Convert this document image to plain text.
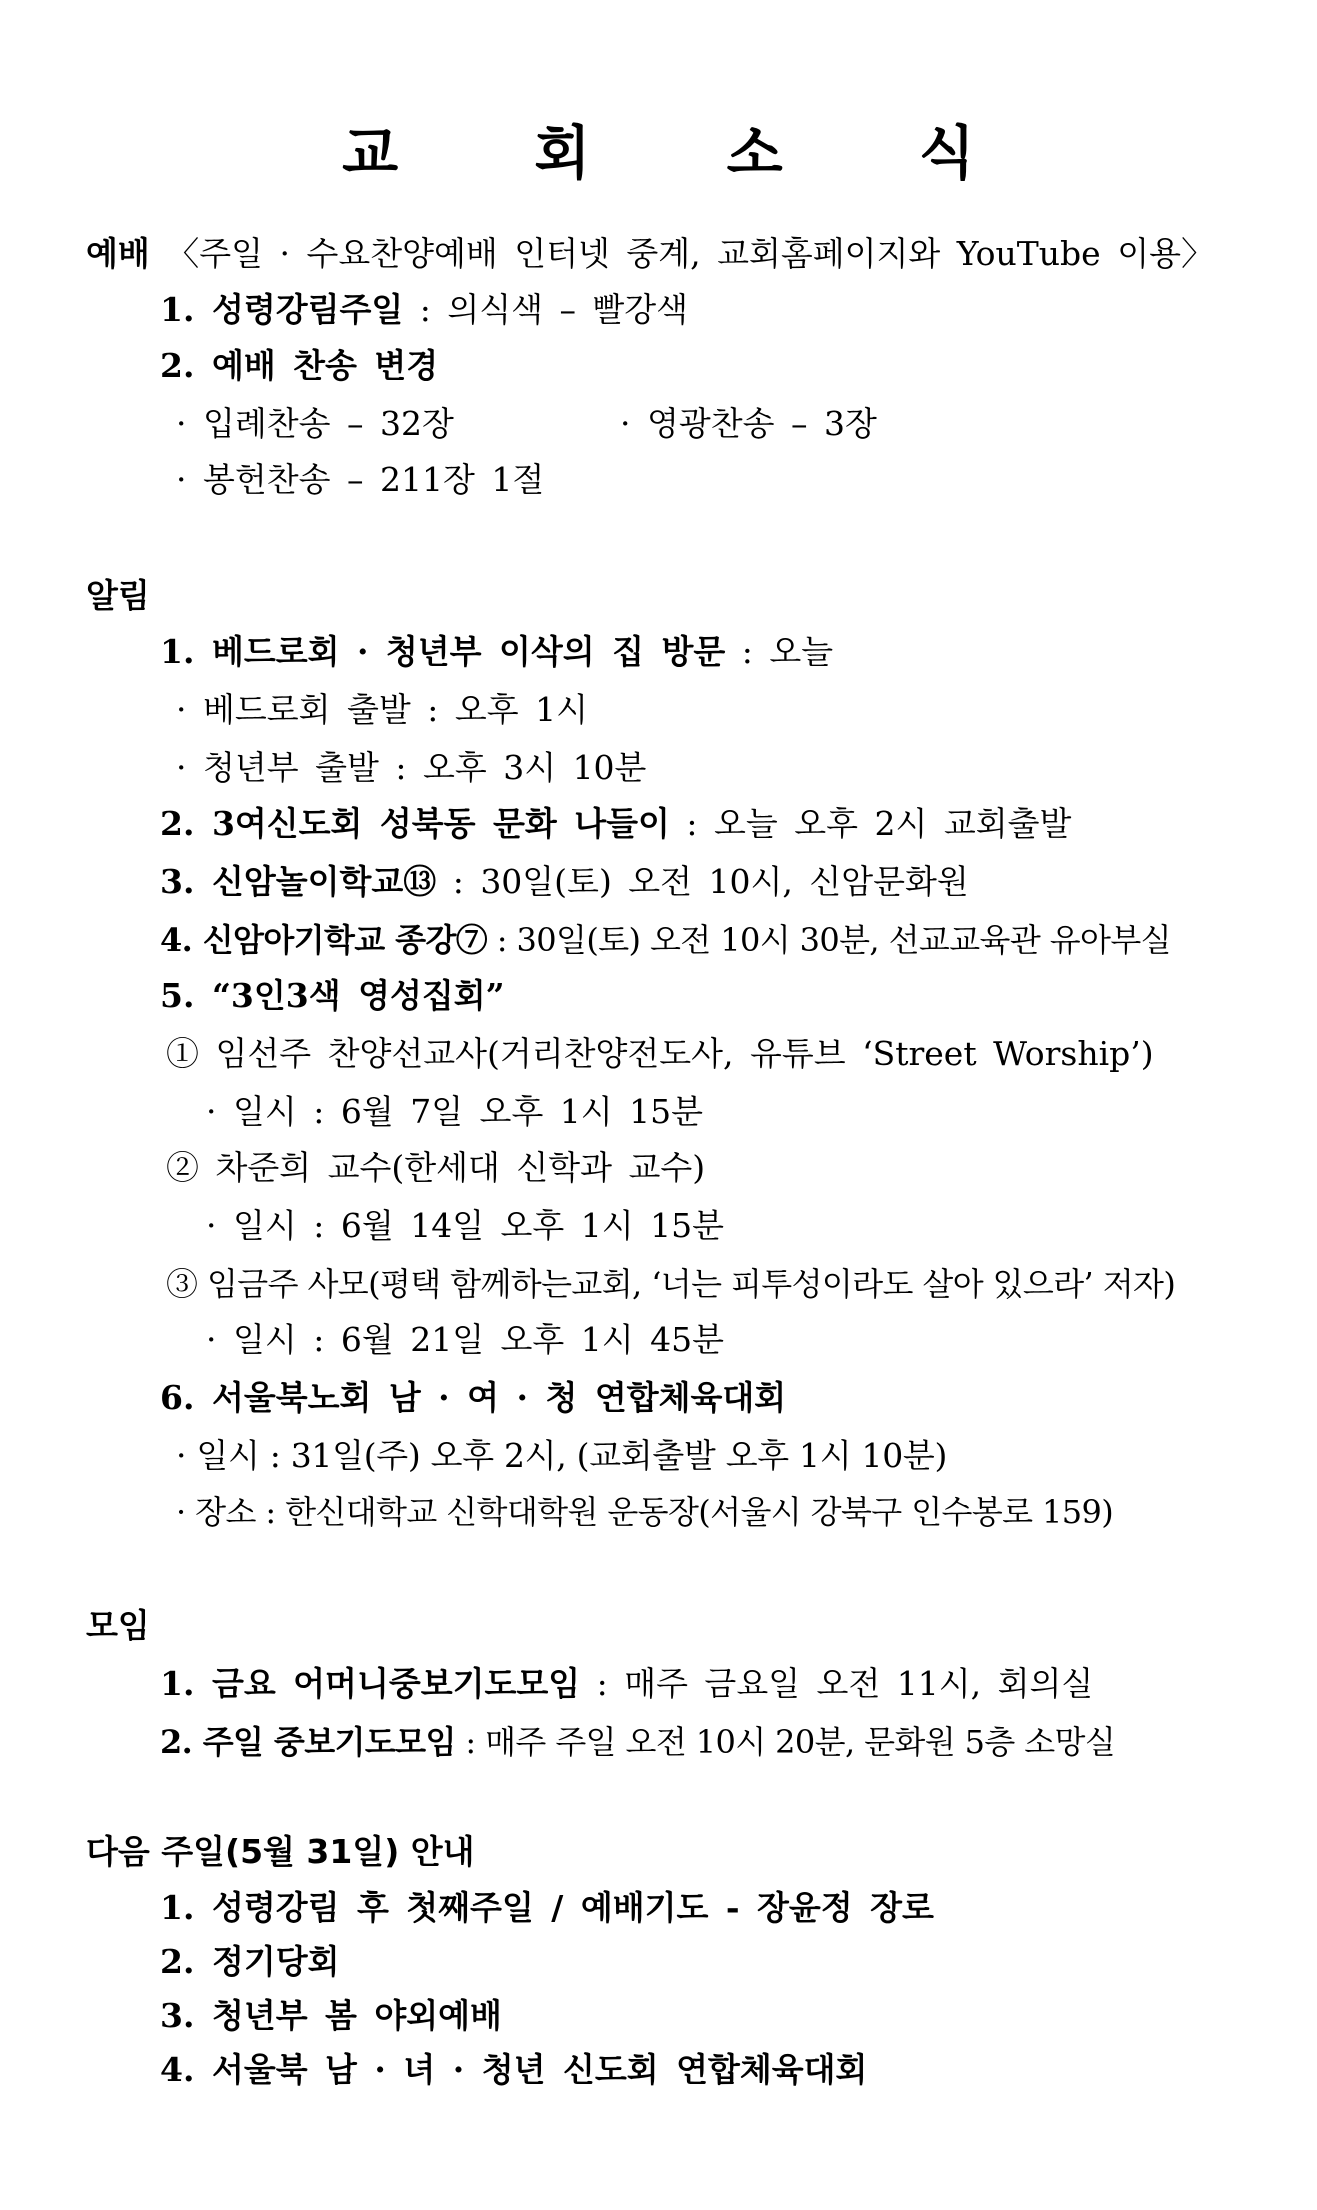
교 회 소 식
예배 〈주일 · 수요찬양예배 인터넷 중계, 교회홈페이지와 YouTube 이용〉
1. 성령강림주일 : 의식색 – 빨강색
2. 예배 찬송 변경
· 입례찬송 – 32장	· 영광찬송 – 3장
· 봉헌찬송 – 211장 1절
알림
1. 베드로회 · 청년부 이삭의 집 방문 : 오늘
· 베드로회 출발 : 오후 1시
· 청년부 출발 : 오후 3시 10분
2. 3여신도회 성북동 문화 나들이 : 오늘 오후 2시 교회출발
3. 신암놀이학교⑬ : 30일(토) 오전 10시, 신암문화원
4. 신암아기학교 종강⑦ : 30일(토) 오전 10시 30분, 선교교육관 유아부실
5. “3인3색 영성집회”
① 임선주 찬양선교사(거리찬양전도사, 유튜브 ‘Street Worship’)
· 일시 : 6월 7일 오후 1시 15분
② 차준희 교수(한세대 신학과 교수)
· 일시 : 6월 14일 오후 1시 15분
③ 임금주 사모(평택 함께하는교회, ‘너는 피투성이라도 살아 있으라’ 저자)
· 일시 : 6월 21일 오후 1시 45분
6. 서울북노회 남 · 여 · 청 연합체육대회
· 일시 : 31일(주) 오후 2시, (교회출발 오후 1시 10분)
· 장소 : 한신대학교 신학대학원 운동장(서울시 강북구 인수봉로 159)
모임
1. 금요 어머니중보기도모임 : 매주 금요일 오전 11시, 회의실
2. 주일 중보기도모임 : 매주 주일 오전 10시 20분, 문화원 5층 소망실
다음 주일(5월 31일) 안내
1. 성령강림 후 첫째주일 / 예배기도 - 장윤정 장로
2. 정기당회
3. 청년부 봄 야외예배
4. 서울북 남 · 녀 · 청년 신도회 연합체육대회
